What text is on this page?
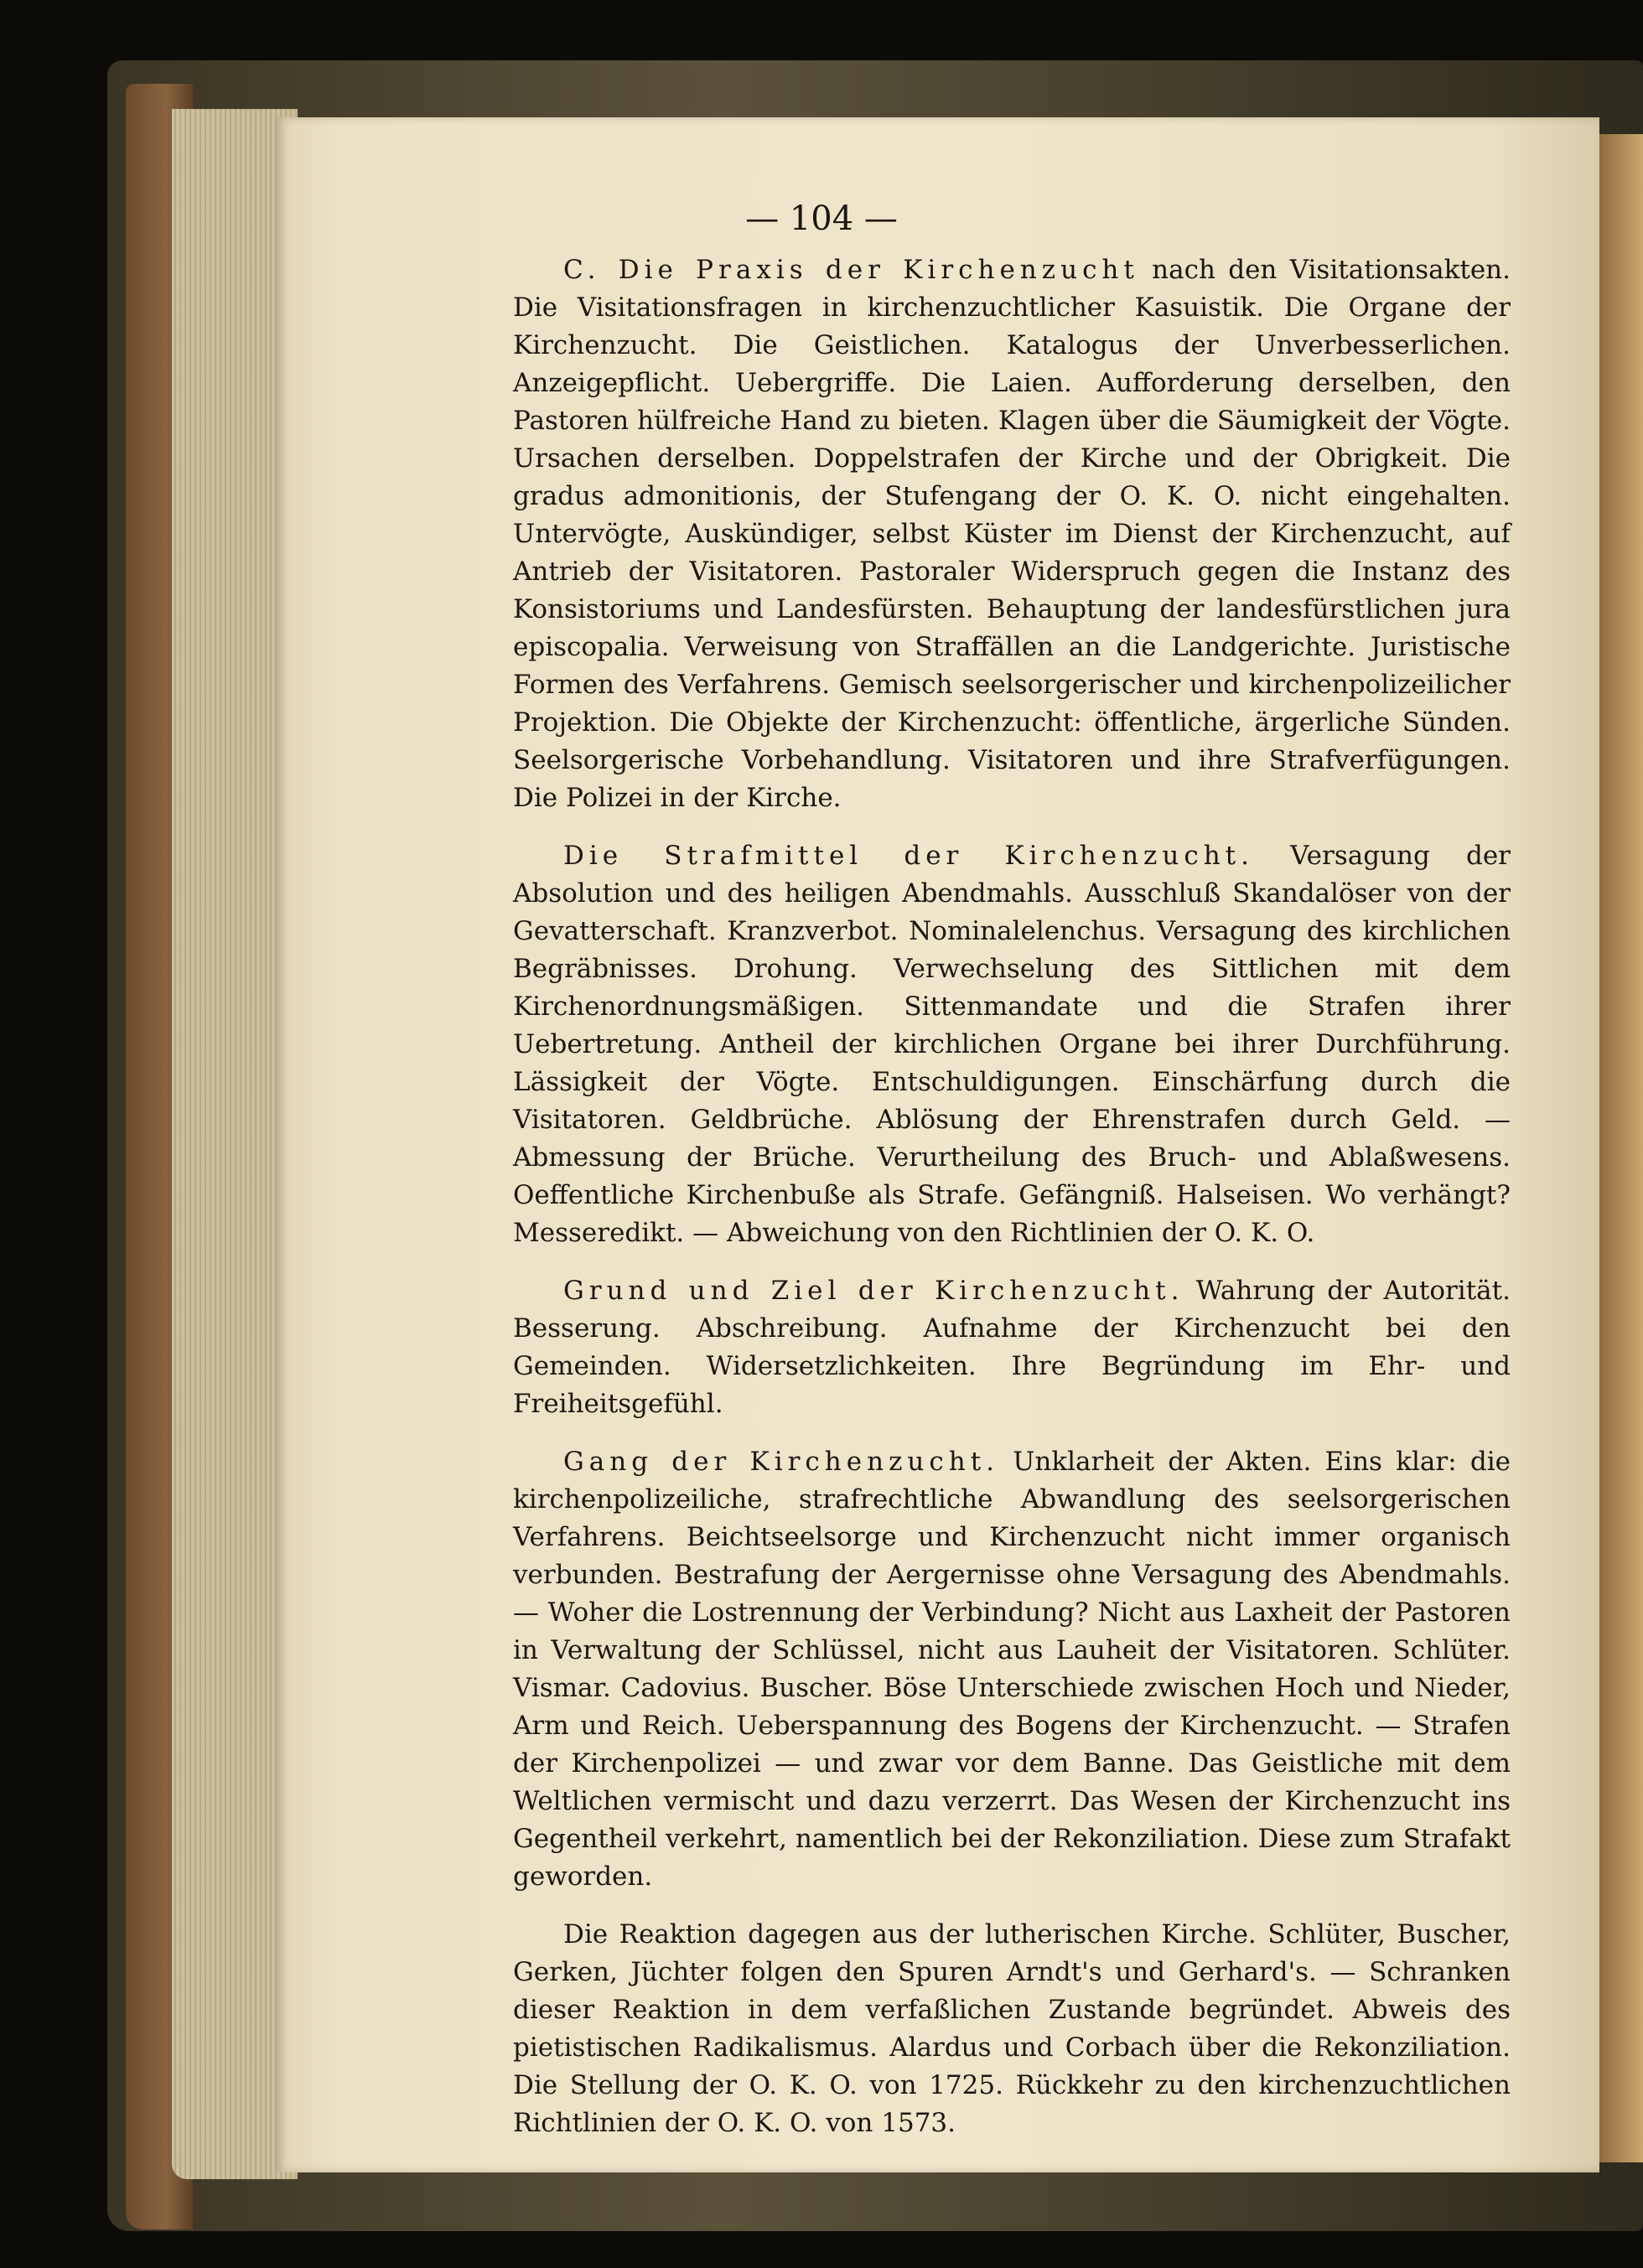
— 104 —

C. Die Praxis der Kirchenzucht nach den Visitationsakten. Die Visitationsfragen in kirchenzuchtlicher Kasuistik. Die Organe der Kirchenzucht. Die Geistlichen. Katalogus der Unverbesserlichen. Anzeigepflicht. Uebergriffe. Die Laien. Aufforderung derselben, den Pastoren hülfreiche Hand zu bieten. Klagen über die Säumigkeit der Vögte. Ursachen derselben. Doppelstrafen der Kirche und der Obrigkeit. Die gradus admonitionis, der Stufengang der O. K. O. nicht eingehalten. Untervögte, Auskündiger, selbst Küster im Dienst der Kirchenzucht, auf Antrieb der Visitatoren. Pastoraler Widerspruch gegen die Instanz des Konsistoriums und Landesfürsten. Behauptung der landesfürstlichen jura episcopalia. Verweisung von Straffällen an die Landgerichte. Juristische Formen des Verfahrens. Gemisch seelsorgerischer und kirchenpolizeilicher Projektion. Die Objekte der Kirchenzucht: öffentliche, ärgerliche Sünden. Seelsorgerische Vorbehandlung. Visitatoren und ihre Strafverfügungen. Die Polizei in der Kirche.

Die Strafmittel der Kirchenzucht. Versagung der Absolution und des heiligen Abendmahls. Ausschluß Skandalöser von der Gevatterschaft. Kranzverbot. Nominalelenchus. Versagung des kirchlichen Begräbnisses. Drohung. Verwechselung des Sittlichen mit dem Kirchenordnungsmäßigen. Sittenmandate und die Strafen ihrer Uebertretung. Antheil der kirchlichen Organe bei ihrer Durchführung. Lässigkeit der Vögte. Entschuldigungen. Einschärfung durch die Visitatoren. Geldbrüche. Ablösung der Ehrenstrafen durch Geld. — Abmessung der Brüche. Verurtheilung des Bruch- und Ablaßwesens. Oeffentliche Kirchenbuße als Strafe. Gefängniß. Halseisen. Wo verhängt? Messeredikt. — Abweichung von den Richtlinien der O. K. O.

Grund und Ziel der Kirchenzucht. Wahrung der Autorität. Besserung. Abschreibung. Aufnahme der Kirchenzucht bei den Gemeinden. Widersetzlichkeiten. Ihre Begründung im Ehr- und Freiheitsgefühl.

Gang der Kirchenzucht. Unklarheit der Akten. Eins klar: die kirchenpolizeiliche, strafrechtliche Abwandlung des seelsorgerischen Verfahrens. Beichtseelsorge und Kirchenzucht nicht immer organisch verbunden. Bestrafung der Aergernisse ohne Versagung des Abendmahls. — Woher die Lostrennung der Verbindung? Nicht aus Laxheit der Pastoren in Verwaltung der Schlüssel, nicht aus Lauheit der Visitatoren. Schlüter. Vismar. Cadovius. Buscher. Böse Unterschiede zwischen Hoch und Nieder, Arm und Reich. Ueberspannung des Bogens der Kirchenzucht. — Strafen der Kirchenpolizei — und zwar vor dem Banne. Das Geistliche mit dem Weltlichen vermischt und dazu verzerrt. Das Wesen der Kirchenzucht ins Gegentheil verkehrt, namentlich bei der Rekonziliation. Diese zum Strafakt geworden.

Die Reaktion dagegen aus der lutherischen Kirche. Schlüter, Buscher, Gerken, Jüchter folgen den Spuren Arndt's und Gerhard's. — Schranken dieser Reaktion in dem verfaßlichen Zustande begründet. Abweis des pietistischen Radikalismus. Alardus und Corbach über die Rekonziliation. Die Stellung der O. K. O. von 1725. Rückkehr zu den kirchenzuchtlichen Richtlinien der O. K. O. von 1573.
